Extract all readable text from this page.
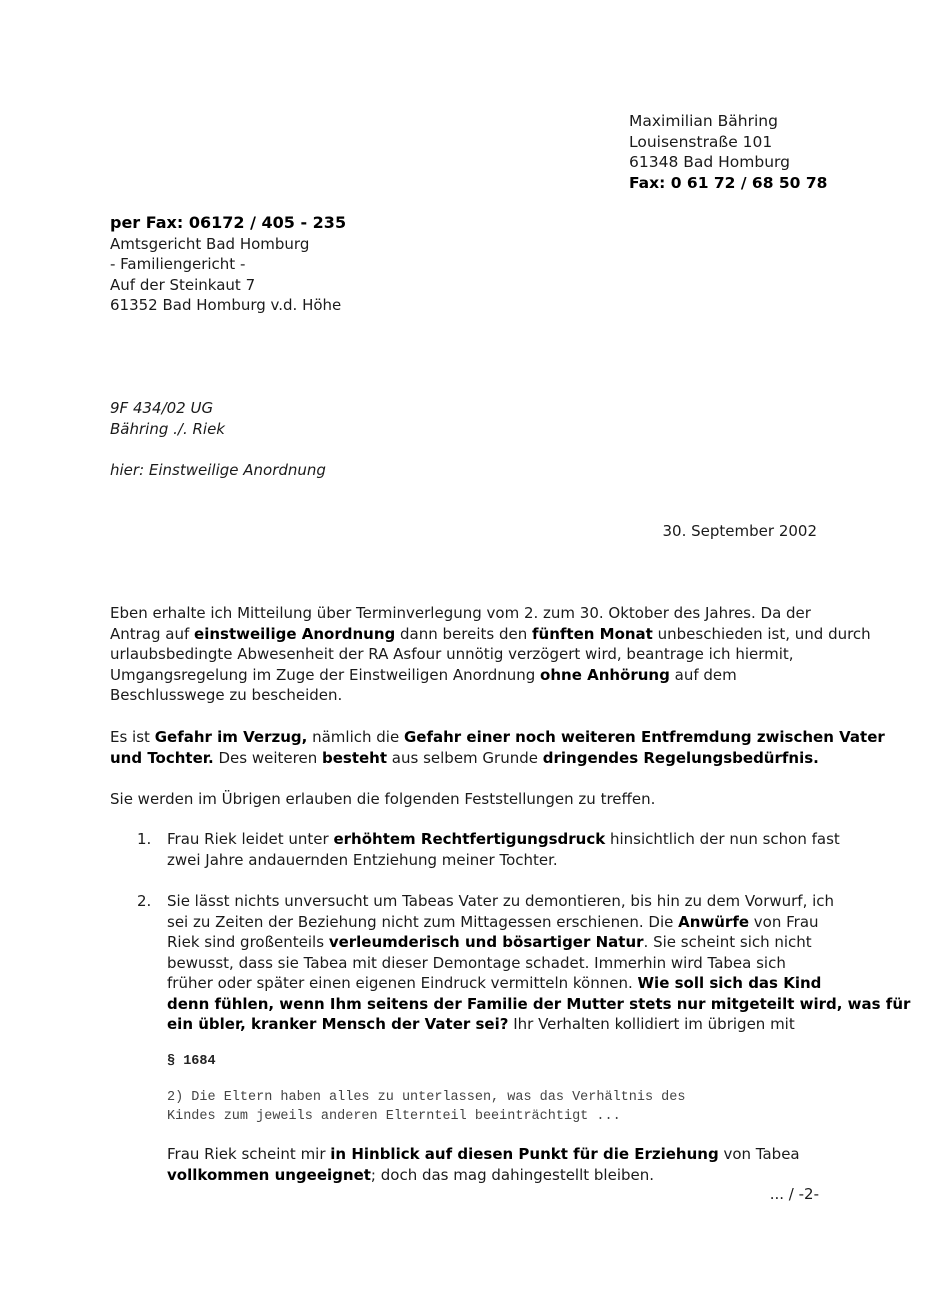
Maximilian Bähring
Louisenstraße 101
61348 Bad Homburg
Fax: 0 61 72 / 68 50 78
per Fax: 06172 / 405 - 235
Amtsgericht Bad Homburg
- Familiengericht -
Auf der Steinkaut 7
61352 Bad Homburg v.d. Höhe
9F 434/02 UG
Bähring ./. Riek
hier: Einstweilige Anordnung
30. September 2002
Eben erhalte ich Mitteilung über Terminverlegung vom 2. zum 30. Oktober des Jahres. Da der
Antrag auf einstweilige Anordnung dann bereits den fünften Monat unbeschieden ist, und durch
urlaubsbedingte Abwesenheit der RA Asfour unnötig verzögert wird, beantrage ich hiermit,
Umgangsregelung im Zuge der Einstweiligen Anordnung ohne Anhörung auf dem
Beschlusswege zu bescheiden.
Es ist Gefahr im Verzug, nämlich die Gefahr einer noch weiteren Entfremdung zwischen Vater
und Tochter. Des weiteren besteht aus selbem Grunde dringendes Regelungsbedürfnis.
Sie werden im Übrigen erlauben die folgenden Feststellungen zu treffen.
1.	Frau Riek leidet unter erhöhtem Rechtfertigungsdruck hinsichtlich der nun schon fast
zwei Jahre andauernden Entziehung meiner Tochter.
2.	Sie lässt nichts unversucht um Tabeas Vater zu demontieren, bis hin zu dem Vorwurf, ich
sei zu Zeiten der Beziehung nicht zum Mittagessen erschienen. Die Anwürfe von Frau
Riek sind großenteils verleumderisch und bösartiger Natur. Sie scheint sich nicht
bewusst, dass sie Tabea mit dieser Demontage schadet. Immerhin wird Tabea sich
früher oder später einen eigenen Eindruck vermitteln können. Wie soll sich das Kind
denn fühlen, wenn Ihm seitens der Familie der Mutter stets nur mitgeteilt wird, was für
ein übler, kranker Mensch der Vater sei? Ihr Verhalten kollidiert im übrigen mit
§ 1684
2) Die Eltern haben alles zu unterlassen, was das Verhältnis des
Kindes zum jeweils anderen Elternteil beeinträchtigt ...
Frau Riek scheint mir in Hinblick auf diesen Punkt für die Erziehung von Tabea
vollkommen ungeeignet; doch das mag dahingestellt bleiben.
... / -2-
